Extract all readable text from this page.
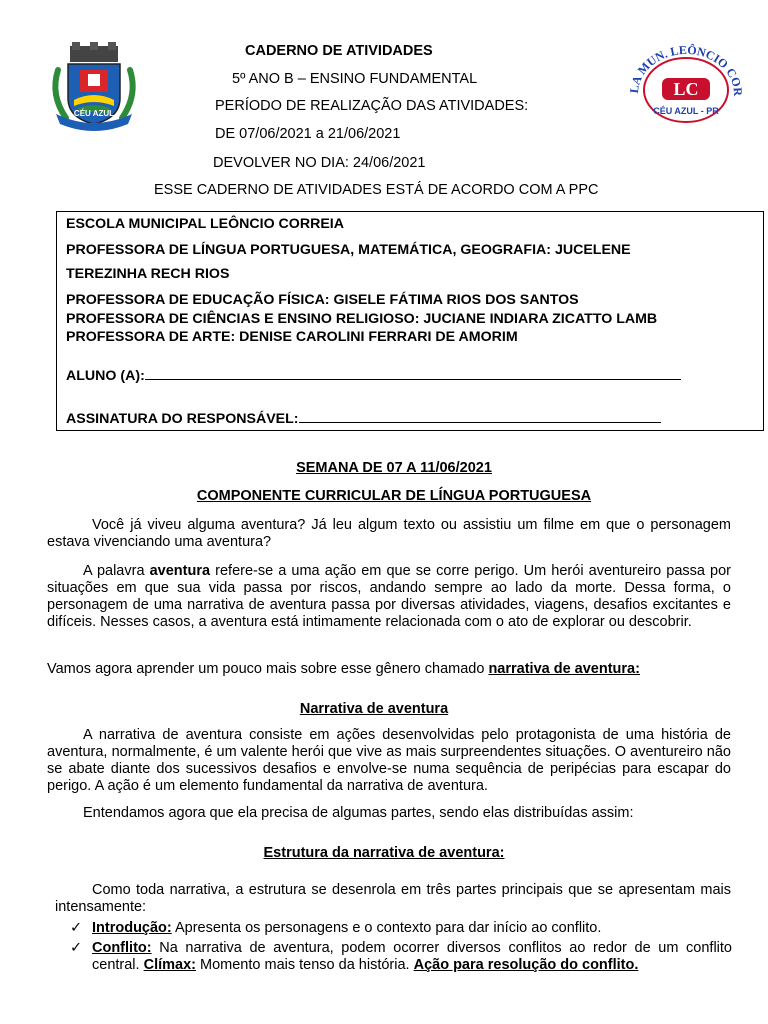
CÉU AZUL
LA MUN. LEÔNCIO COR
LC
CÉU AZUL - PR
CADERNO DE ATIVIDADES
5º ANO B – ENSINO FUNDAMENTAL
PERÍODO DE REALIZAÇÃO DAS ATIVIDADES:
DE 07/06/2021 a 21/06/2021
DEVOLVER NO DIA: 24/06/2021
ESSE CADERNO DE ATIVIDADES ESTÁ DE ACORDO COM A PPC
ESCOLA MUNICIPAL LEÔNCIO CORREIA
PROFESSORA DE LÍNGUA PORTUGUESA, MATEMÁTICA, GEOGRAFIA: JUCELENE
TEREZINHA RECH RIOS
PROFESSORA DE EDUCAÇÃO FÍSICA: GISELE FÁTIMA RIOS DOS SANTOS
PROFESSORA DE CIÊNCIAS E ENSINO RELIGIOSO: JUCIANE INDIARA ZICATTO LAMB
PROFESSORA DE ARTE: DENISE CAROLINI FERRARI DE AMORIM
ALUNO (A):
ASSINATURA DO RESPONSÁVEL:
SEMANA DE 07 A 11/06/2021
COMPONENTE CURRICULAR DE LÍNGUA PORTUGUESA

Você já viveu alguma aventura? Já leu algum texto ou assistiu um filme em que o personagem estava vivenciando uma aventura?

A palavra aventura refere-se a uma ação em que se corre perigo. Um herói aventureiro passa por situações em que sua vida passa por riscos, andando sempre ao lado da morte. Dessa forma, o personagem de uma narrativa de aventura passa por diversas atividades, viagens, desafios excitantes e difíceis. Nesses casos, a aventura está intimamente relacionada com o ato de explorar ou descobrir.

Vamos agora aprender um pouco mais sobre esse gênero chamado narrativa de aventura:

Narrativa de aventura

A narrativa de aventura consiste em ações desenvolvidas pelo protagonista de uma história de aventura, normalmente, é um valente herói que vive as mais surpreendentes situações. O aventureiro não se abate diante dos sucessivos desafios e envolve-se numa sequência de peripécias para escapar do perigo. A ação é um elemento fundamental da narrativa de aventura.

Entendamos agora que ela precisa de algumas partes, sendo elas distribuídas assim:

Estrutura da narrativa de aventura:

Como toda narrativa, a estrutura se desenrola em três partes principais que se apresentam mais intensamente:

✓ Introdução: Apresenta os personagens e o contexto para dar início ao conflito.
✓ Conflito: Na narrativa de aventura, podem ocorrer diversos conflitos ao redor de um conflito central. Clímax: Momento mais tenso da história. Ação para resolução do conflito.
